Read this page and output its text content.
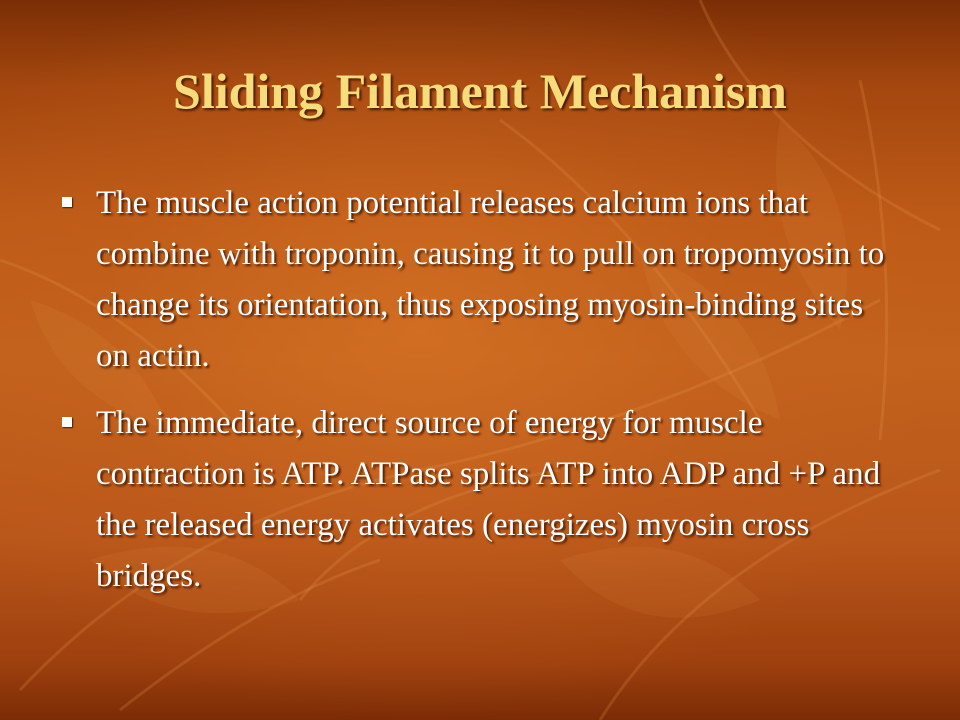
Sliding Filament Mechanism
The muscle action potential releases calcium ions that combine with troponin, causing it to pull on tropomyosin to change its orientation, thus exposing myosin-binding sites on actin.
The immediate, direct source of energy for muscle contraction is ATP. ATPase splits ATP into ADP and +P and the released energy activates (energizes) myosin cross bridges.
